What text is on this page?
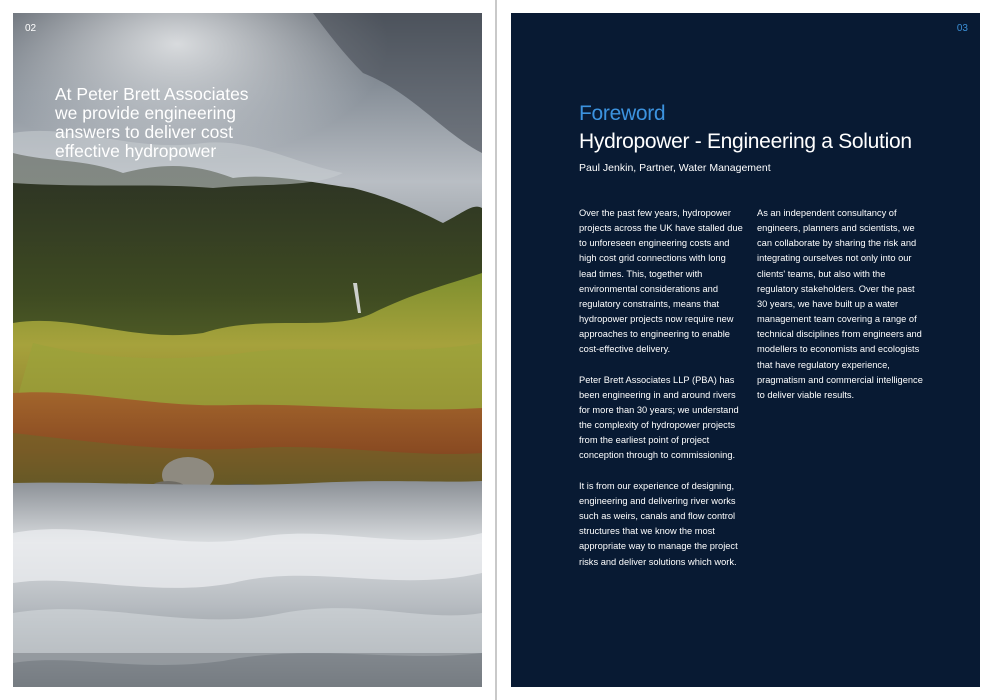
02
At Peter Brett Associates
we provide engineering
answers to deliver cost
effective hydropower
03
Foreword
Hydropower - Engineering a Solution
Paul Jenkin, Partner, Water Management

Over the past few years, hydropower
projects across the UK have stalled due
to unforeseen engineering costs and
high cost grid connections with long
lead times. This, together with
environmental considerations and
regulatory constraints, means that
hydropower projects now require new
approaches to engineering to enable
cost-effective delivery.

Peter Brett Associates LLP (PBA) has
been engineering in and around rivers
for more than 30 years; we understand
the complexity of hydropower projects
from the earliest point of project
conception through to commissioning.

It is from our experience of designing,
engineering and delivering river works
such as weirs, canals and flow control
structures that we know the most
appropriate way to manage the project
risks and deliver solutions which work.

As an independent consultancy of
engineers, planners and scientists, we
can collaborate by sharing the risk and
integrating ourselves not only into our
clients' teams, but also with the
regulatory stakeholders. Over the past
30 years, we have built up a water
management team covering a range of
technical disciplines from engineers and
modellers to economists and ecologists
that have regulatory experience,
pragmatism and commercial intelligence
to deliver viable results.
